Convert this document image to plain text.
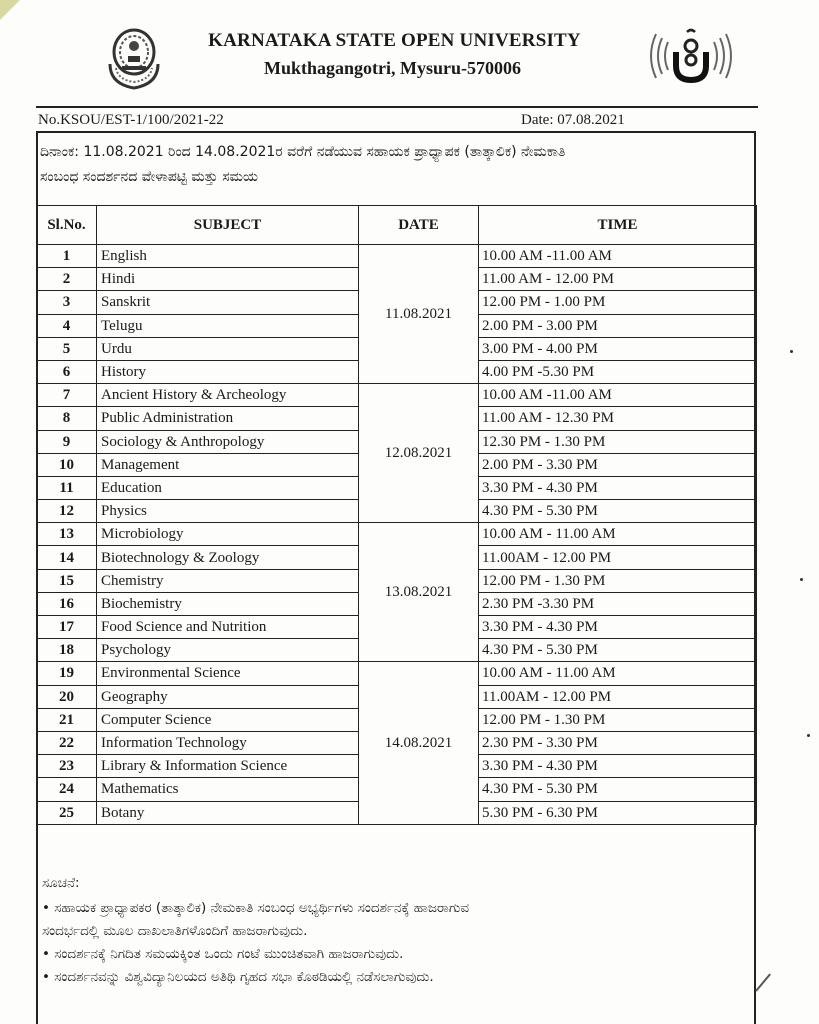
KARNATAKA STATE OPEN UNIVERSITY
Mukthagangotri, Mysuru-570006
No.KSOU/EST-1/100/2021-22	Date: 07.08.2021
ದಿನಾಂಕ: 11.08.2021 ರಿಂದ 14.08.2021ರ ವರೆಗೆ ನಡೆಯುವ ಸಹಾಯಕ ಪ್ರಾಧ್ಯಾಪಕ (ತಾತ್ಕಾಲಿಕ) ನೇಮಕಾತಿ
ಸಂಬಂಧ ಸಂದರ್ಶನದ ವೇಳಾಪಟ್ಟಿ ಮತ್ತು ಸಮಯ
Sl.No.	SUBJECT	DATE	TIME
1	English	11.08.2021	10.00 AM -11.00 AM
2	Hindi		11.00 AM - 12.00 PM
3	Sanskrit		12.00 PM - 1.00 PM
4	Telugu		2.00 PM - 3.00 PM
5	Urdu		3.00 PM - 4.00 PM
6	History		4.00 PM -5.30 PM
7	Ancient History & Archeology	12.08.2021	10.00 AM -11.00 AM
8	Public Administration		11.00 AM - 12.30 PM
9	Sociology & Anthropology		12.30 PM - 1.30 PM
10	Management		2.00 PM - 3.30 PM
11	Education		3.30 PM - 4.30 PM
12	Physics		4.30 PM - 5.30 PM
13	Microbiology	13.08.2021	10.00 AM - 11.00 AM
14	Biotechnology & Zoology		11.00AM - 12.00 PM
15	Chemistry		12.00 PM - 1.30 PM
16	Biochemistry		2.30 PM -3.30 PM
17	Food Science and Nutrition		3.30 PM - 4.30 PM
18	Psychology		4.30 PM - 5.30 PM
19	Environmental Science	14.08.2021	10.00 AM - 11.00 AM
20	Geography		11.00AM - 12.00 PM
21	Computer Science		12.00 PM - 1.30 PM
22	Information Technology		2.30 PM - 3.30 PM
23	Library & Information Science		3.30 PM - 4.30 PM
24	Mathematics		4.30 PM - 5.30 PM
25	Botany		5.30 PM - 6.30 PM
ಸೂಚನೆ:
• ಸಹಾಯಕ ಪ್ರಾಧ್ಯಾಪಕರ (ತಾತ್ಕಾಲಿಕ) ನೇಮಕಾತಿ ಸಂಬಂಧ ಅಭ್ಯರ್ಥಿಗಳು ಸಂದರ್ಶನಕ್ಕೆ ಹಾಜರಾಗುವ
ಸಂದರ್ಭದಲ್ಲಿ ಮೂಲ ದಾಖಲಾತಿಗಳೊಂದಿಗೆ ಹಾಜರಾಗುವುದು.
• ಸಂದರ್ಶನಕ್ಕೆ ನಿಗದಿತ ಸಮಯಕ್ಕಿಂತ ಒಂದು ಗಂಟೆ ಮುಂಚಿತವಾಗಿ ಹಾಜರಾಗುವುದು.
• ಸಂದರ್ಶನವನ್ನು ವಿಶ್ವವಿದ್ಯಾನಿಲಯದ ಅತಿಥಿ ಗೃಹದ ಸಭಾ ಕೊಠಡಿಯಲ್ಲಿ ನಡೆಸಲಾಗುವುದು.
